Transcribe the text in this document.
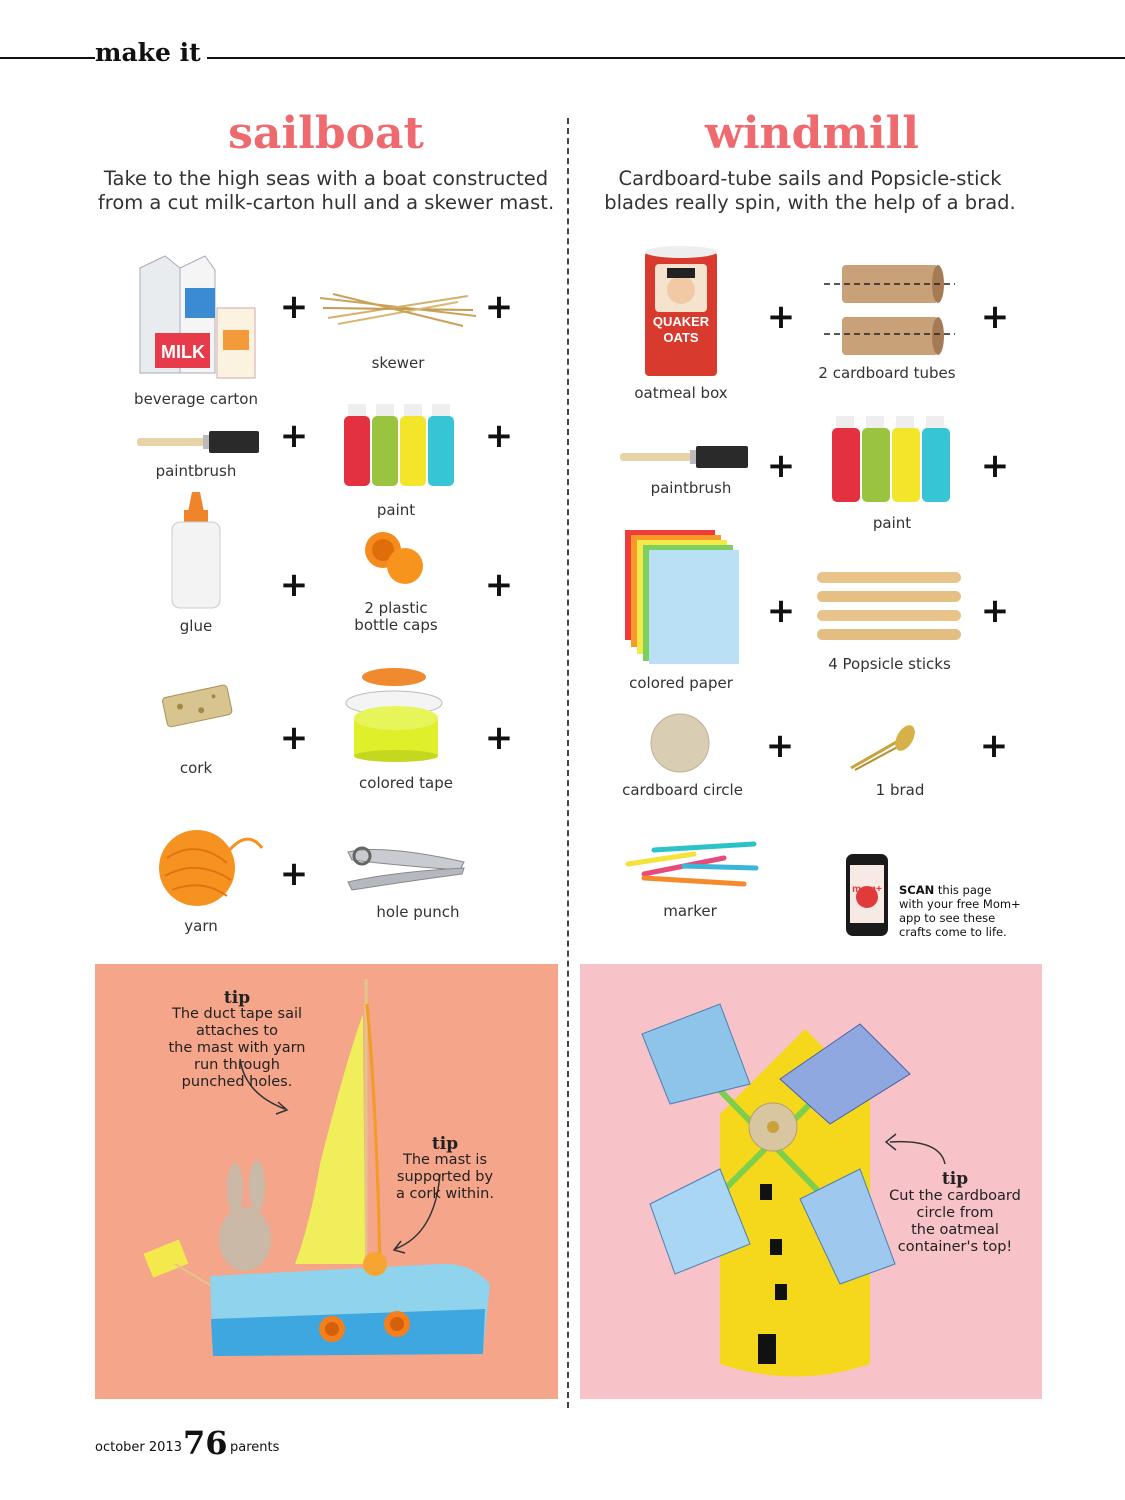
make it
sailboat
Take to the high seas with a boat constructed
from a cut milk-carton hull and a skewer mast.
MILK
beverage carton
+
skewer
+
paintbrush
+
paint
+
glue
+
2 plastic
bottle caps
+
cork
+
colored tape
+
yarn
+
hole punch
tip
The duct tape sail
attaches to
the mast with yarn
run through
punched holes.
tip
The mast is
supported by
a cork within.
windmill
Cardboard-tube sails and Popsicle-stick
blades really spin, with the help of a brad.
QUAKER
OATS
oatmeal box
+
2 cardboard tubes
+
paintbrush
+
paint
+
colored paper
+
4 Popsicle sticks
+
cardboard circle
+
1 brad
+
marker
mom+ SCAN this page
with your free Mom+
app to see these
crafts come to life.
tip
Cut the cardboard
circle from
the oatmeal
container's top!
october 2013 76 parents
